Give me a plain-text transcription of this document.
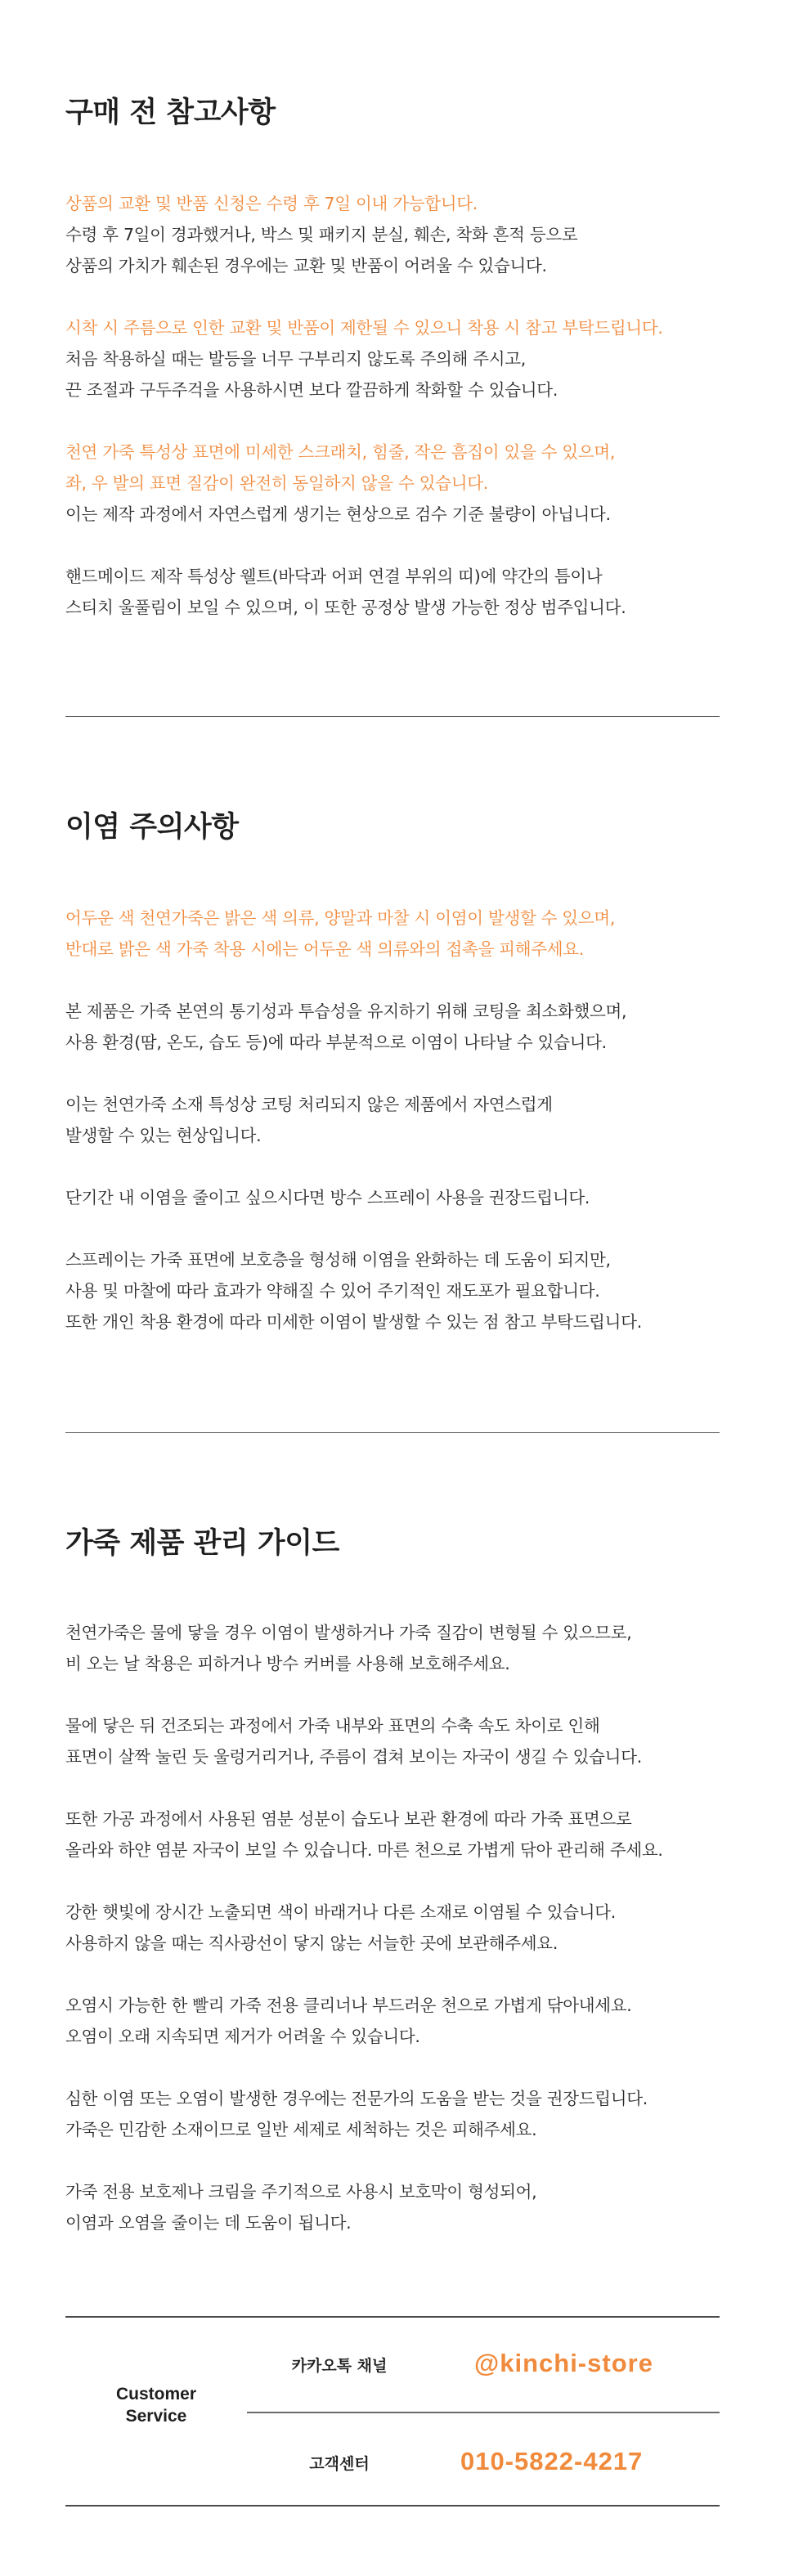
구매 전 참고사항
상품의 교환 및 반품 신청은 수령 후 7일 이내 가능합니다.
수령 후 7일이 경과했거나, 박스 및 패키지 분실, 훼손, 착화 흔적 등으로
상품의 가치가 훼손된 경우에는 교환 및 반품이 어려울 수 있습니다.
시착 시 주름으로 인한 교환 및 반품이 제한될 수 있으니 착용 시 참고 부탁드립니다.
처음 착용하실 때는 발등을 너무 구부리지 않도록 주의해 주시고,
끈 조절과 구두주걱을 사용하시면 보다 깔끔하게 착화할 수 있습니다.
천연 가죽 특성상 표면에 미세한 스크래치, 힘줄, 작은 흠집이 있을 수 있으며,
좌, 우 발의 표면 질감이 완전히 동일하지 않을 수 있습니다.
이는 제작 과정에서 자연스럽게 생기는 현상으로 검수 기준 불량이 아닙니다.
핸드메이드 제작 특성상 웰트(바닥과 어퍼 연결 부위의 띠)에 약간의 틈이나
스티치 울풀림이 보일 수 있으며, 이 또한 공정상 발생 가능한 정상 범주입니다.
이염 주의사항
어두운 색 천연가죽은 밝은 색 의류, 양말과 마찰 시 이염이 발생할 수 있으며,
반대로 밝은 색 가죽 착용 시에는 어두운 색 의류와의 접촉을 피해주세요.
본 제품은 가죽 본연의 통기성과 투습성을 유지하기 위해 코팅을 최소화했으며,
사용 환경(땀, 온도, 습도 등)에 따라 부분적으로 이염이 나타날 수 있습니다.
이는 천연가죽 소재 특성상 코팅 처리되지 않은 제품에서 자연스럽게
발생할 수 있는 현상입니다.
단기간 내 이염을 줄이고 싶으시다면 방수 스프레이 사용을 권장드립니다.
스프레이는 가죽 표면에 보호층을 형성해 이염을 완화하는 데 도움이 되지만,
사용 및 마찰에 따라 효과가 약해질 수 있어 주기적인 재도포가 필요합니다.
또한 개인 착용 환경에 따라 미세한 이염이 발생할 수 있는 점 참고 부탁드립니다.
가죽 제품 관리 가이드
천연가죽은 물에 닿을 경우 이염이 발생하거나 가죽 질감이 변형될 수 있으므로,
비 오는 날 착용은 피하거나 방수 커버를 사용해 보호해주세요.
물에 닿은 뒤 건조되는 과정에서 가죽 내부와 표면의 수축 속도 차이로 인해
표면이 살짝 눌린 듯 울렁거리거나, 주름이 겹쳐 보이는 자국이 생길 수 있습니다.
또한 가공 과정에서 사용된 염분 성분이 습도나 보관 환경에 따라 가죽 표면으로
올라와 하얀 염분 자국이 보일 수 있습니다. 마른 천으로 가볍게 닦아 관리해 주세요.
강한 햇빛에 장시간 노출되면 색이 바래거나 다른 소재로 이염될 수 있습니다.
사용하지 않을 때는 직사광선이 닿지 않는 서늘한 곳에 보관해주세요.
오염시 가능한 한 빨리 가죽 전용 클리너나 부드러운 천으로 가볍게 닦아내세요.
오염이 오래 지속되면 제거가 어려울 수 있습니다.
심한 이염 또는 오염이 발생한 경우에는 전문가의 도움을 받는 것을 권장드립니다.
가죽은 민감한 소재이므로 일반 세제로 세척하는 것은 피해주세요.
가죽 전용 보호제나 크림을 주기적으로 사용시 보호막이 형성되어,
이염과 오염을 줄이는 데 도움이 됩니다.
Customer
Service
카카오톡 채널	@kinchi-store
고객센터	010-5822-4217
